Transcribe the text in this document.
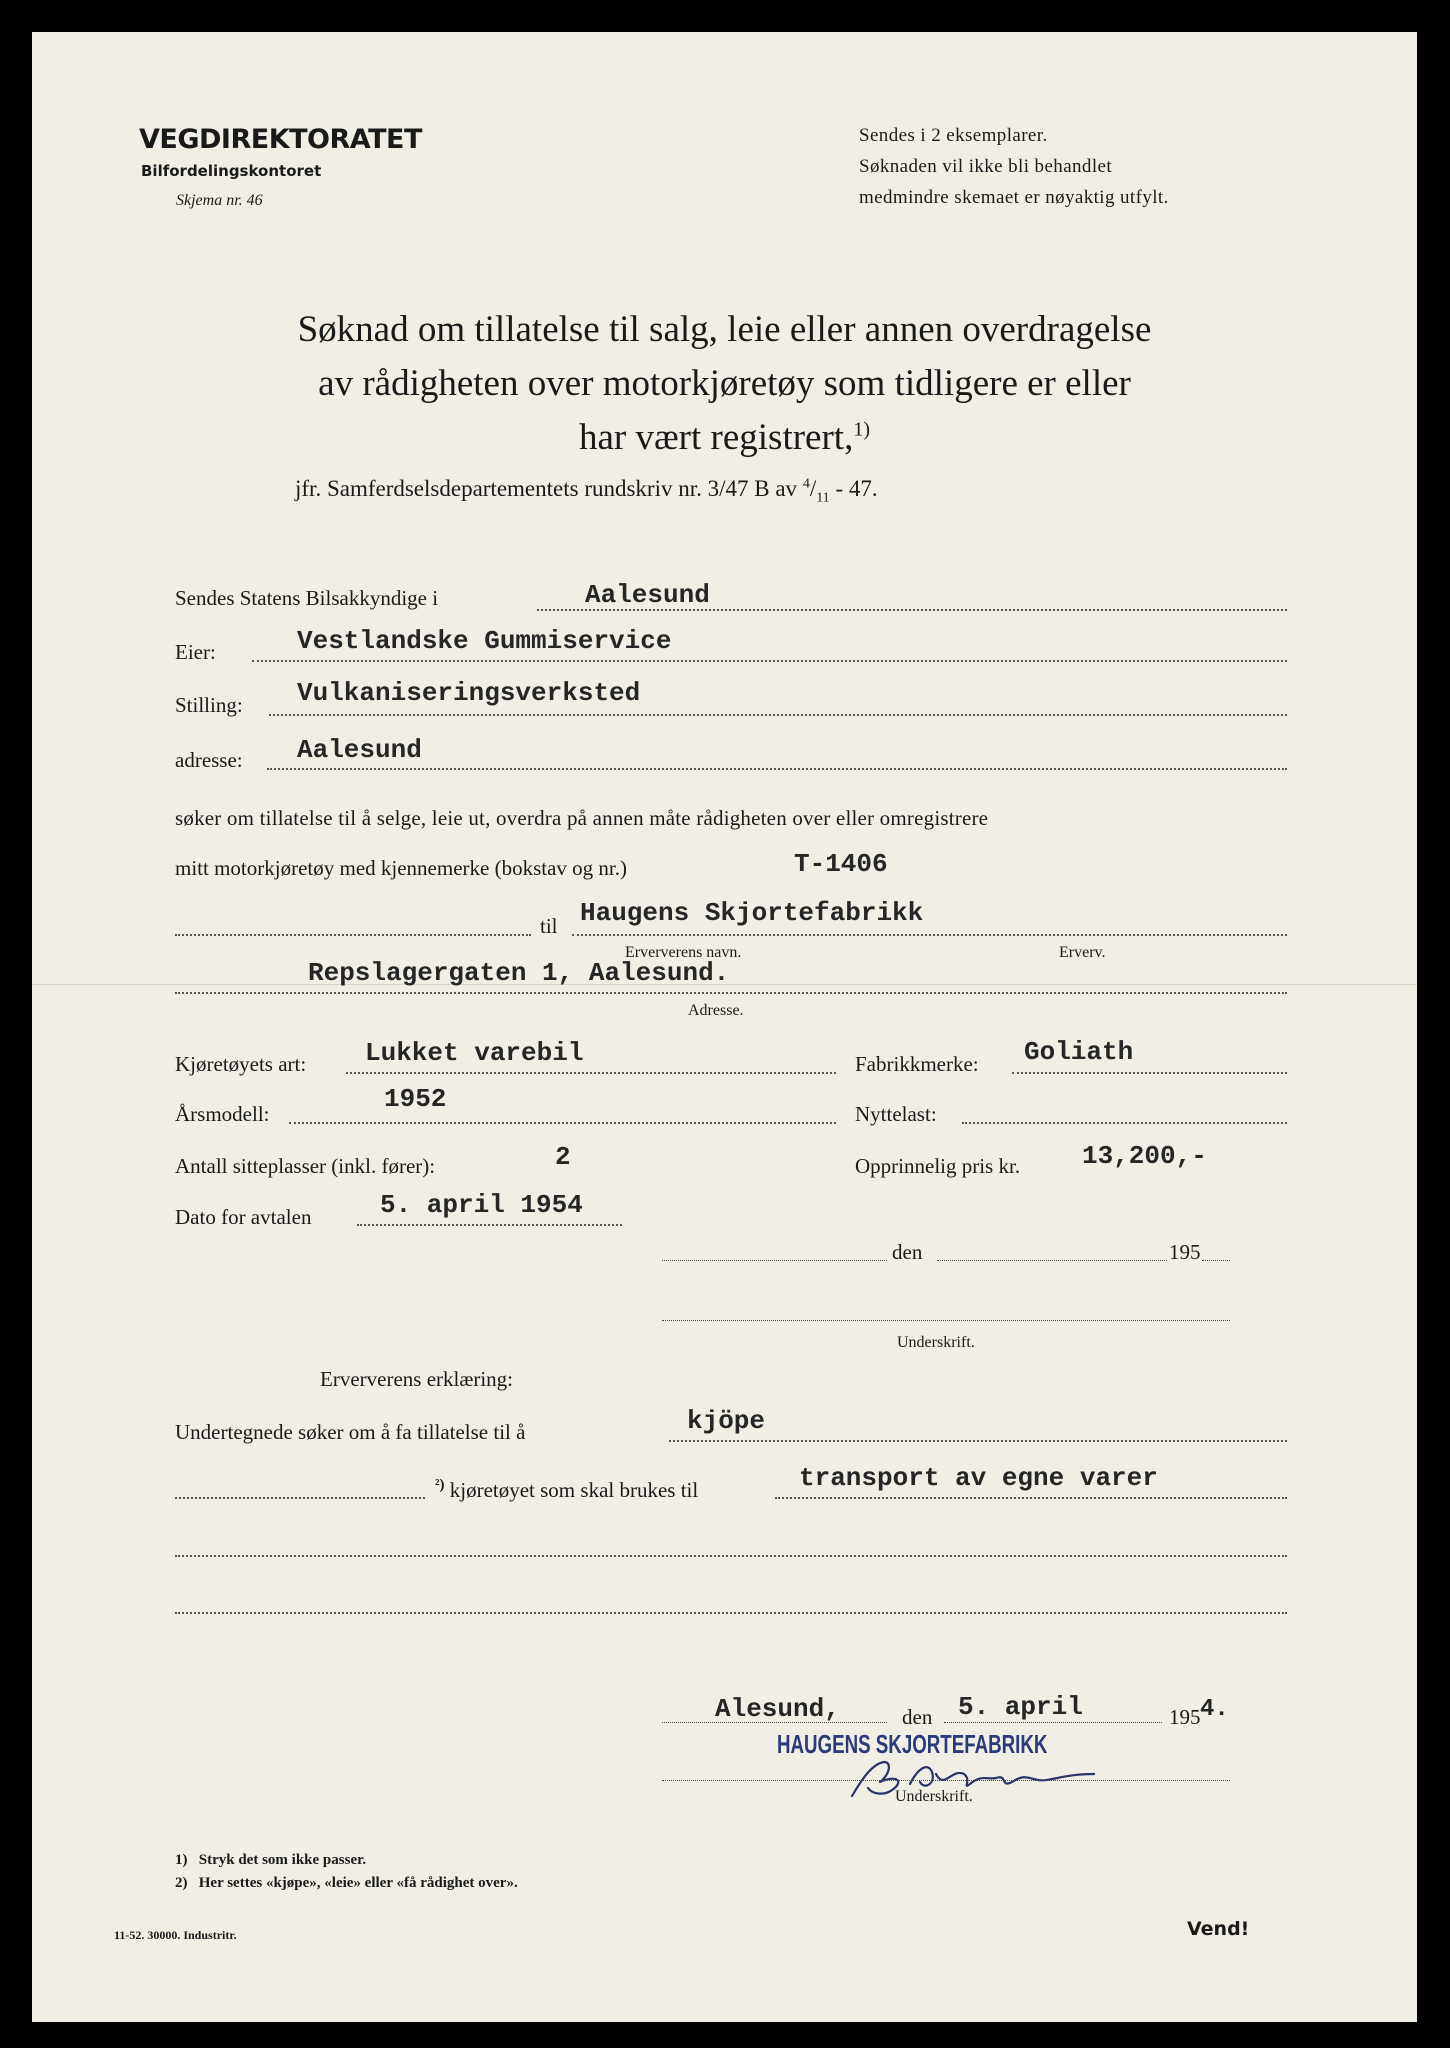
VEGDIREKTORATET
Bilfordelingskontoret
Skjema nr. 46
Sendes i 2 eksemplarer.
Søknaden vil ikke bli behandlet
medmindre skemaet er nøyaktig utfylt.
Søknad om tillatelse til salg, leie eller annen overdragelse
av rådigheten over motorkjøretøy som tidligere er eller
har vært registrert,$^{1)}$
jfr. Samferdselsdepartementets rundskriv nr. 3/47 B av $^4/_{11} - 47$.
Sendes Statens Bilsakkyndige i	Aalesund
Eier:	Vestlandske Gummiservice
Stilling: Vulkaniseringsverksted
adresse: Aalesund
søker om tillatelse til å selge, leie ut, overdra på annen måte rådigheten over eller omregistrere
mitt motorkjøretøy med kjennemerke (bokstav og nr.)	T-1406
til Haugens Skjortefabrikk
Erververens navn.	Erverv.
Repslagergaten 1, Aalesund.
Adresse.
Kjøretøyets art: Lukket varebil	Fabrikkmerke: Goliath
Årsmodell:	1952	Nyttelast:
Antall sitteplasser (inkl. fører):	2	Opprinnelig pris kr. 13,200,-
Dato for avtalen	5. april 1954
den	195
Underskrift.
Erververens erklæring:
Undertegnede søker om å fa tillatelse til å	kjöpe
$^{^2)}$ kjøretøyet som skal brukes til	transport av egne varer
Alesund,	den 5. april	195 4.
HAUGENS SKJORTEFABRIKK
Underskrift.
1) Stryk det som ikke passer.
2) Her settes «kjøpe», «leie» eller «få rådighet over».
11-52. 30000. Industritr.	Vend!
